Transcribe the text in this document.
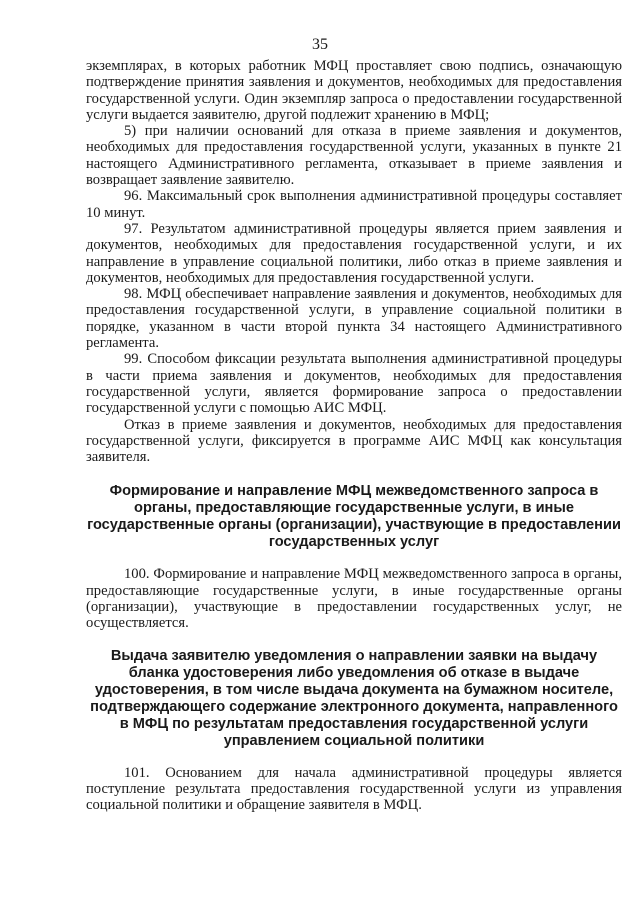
35

экземплярах, в которых работник МФЦ проставляет свою подпись, означающую подтверждение принятия заявления и документов, необходимых для предоставления государственной услуги. Один экземпляр запроса о предоставлении государственной услуги выдается заявителю, другой подлежит хранению в МФЦ;

5) при наличии оснований для отказа в приеме заявления и документов, необходимых для предоставления государственной услуги, указанных в пункте 21 настоящего Административного регламента, отказывает в приеме заявления и возвращает заявление заявителю.

96. Максимальный срок выполнения административной процедуры составляет 10 минут.

97. Результатом административной процедуры является прием заявления и документов, необходимых для предоставления государственной услуги, и их направление в управление социальной политики, либо отказ в приеме заявления и документов, необходимых для предоставления государственной услуги.

98. МФЦ обеспечивает направление заявления и документов, необходимых для предоставления государственной услуги, в управление социальной политики в порядке, указанном в части второй пункта 34 настоящего Административного регламента.

99. Способом фиксации результата выполнения административной процедуры в части приема заявления и документов, необходимых для предоставления государственной услуги, является формирование запроса о предоставлении государственной услуги с помощью АИС МФЦ.

Отказ в приеме заявления и документов, необходимых для предоставления государственной услуги, фиксируется в программе АИС МФЦ как консультация заявителя.

Формирование и направление МФЦ межведомственного запроса в органы, предоставляющие государственные услуги, в иные государственные органы (организации), участвующие в предоставлении государственных услуг

100. Формирование и направление МФЦ межведомственного запроса в органы, предоставляющие государственные услуги, в иные государственные органы (организации), участвующие в предоставлении государственных услуг, не осуществляется.

Выдача заявителю уведомления о направлении заявки на выдачу бланка удостоверения либо уведомления об отказе в выдаче удостоверения, в том числе выдача документа на бумажном носителе, подтверждающего содержание электронного документа, направленного в МФЦ по результатам предоставления государственной услуги управлением социальной политики

101. Основанием для начала административной процедуры является поступление результата предоставления государственной услуги из управления социальной политики и обращение заявителя в МФЦ.
